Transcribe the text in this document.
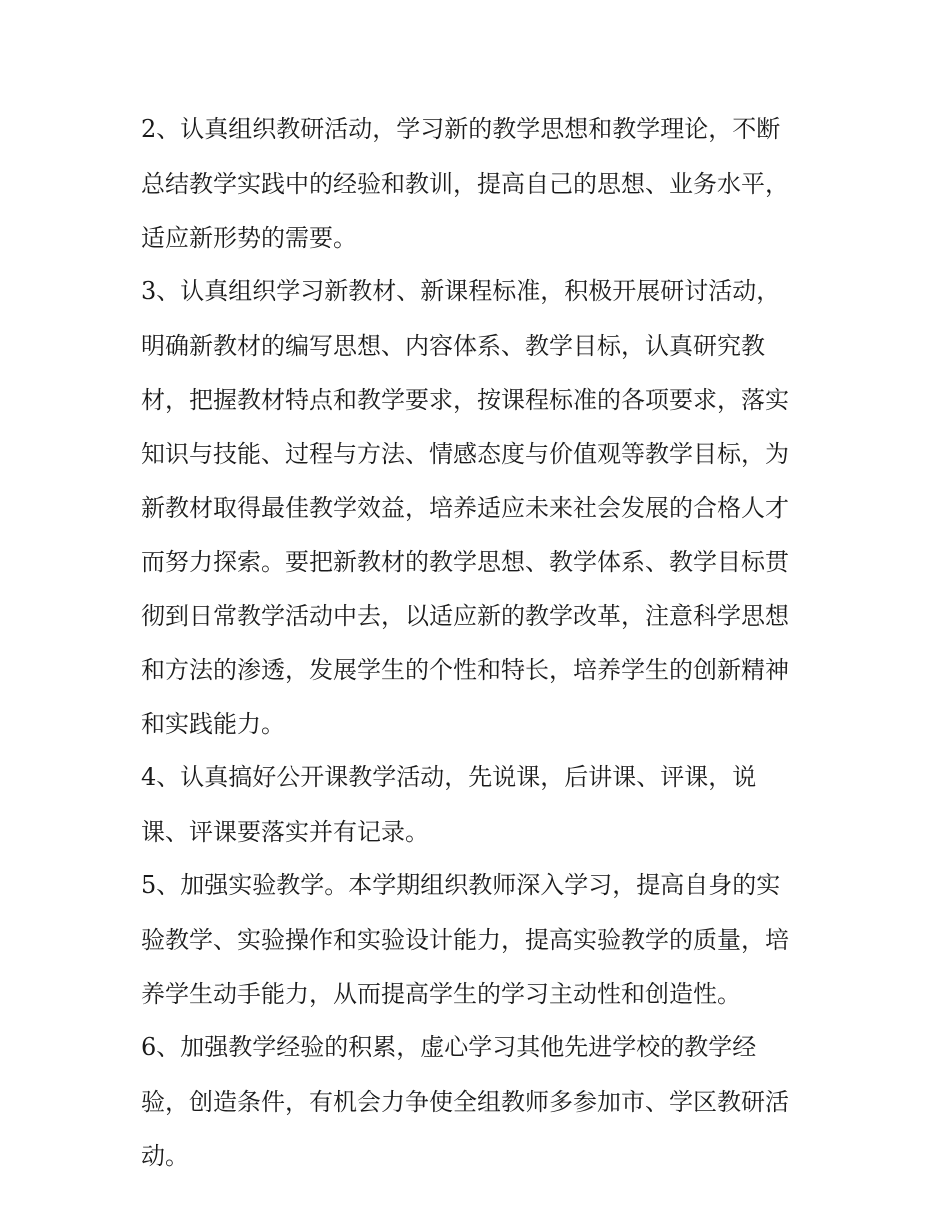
2、认真组织教研活动，学习新的教学思想和教学理论，不断
总结教学实践中的经验和教训，提高自己的思想、业务水平，
适应新形势的需要。
3、认真组织学习新教材、新课程标准，积极开展研讨活动，
明确新教材的编写思想、内容体系、教学目标，认真研究教
材，把握教材特点和教学要求，按课程标准的各项要求，落实
知识与技能、过程与方法、情感态度与价值观等教学目标，为
新教材取得最佳教学效益，培养适应未来社会发展的合格人才
而努力探索。要把新教材的教学思想、教学体系、教学目标贯
彻到日常教学活动中去，以适应新的教学改革，注意科学思想
和方法的渗透，发展学生的个性和特长，培养学生的创新精神
和实践能力。
4、认真搞好公开课教学活动，先说课，后讲课、评课，说
课、评课要落实并有记录。
5、加强实验教学。本学期组织教师深入学习，提高自身的实
验教学、实验操作和实验设计能力，提高实验教学的质量，培
养学生动手能力，从而提高学生的学习主动性和创造性。
6、加强教学经验的积累，虚心学习其他先进学校的教学经
验，创造条件，有机会力争使全组教师多参加市、学区教研活
动。
